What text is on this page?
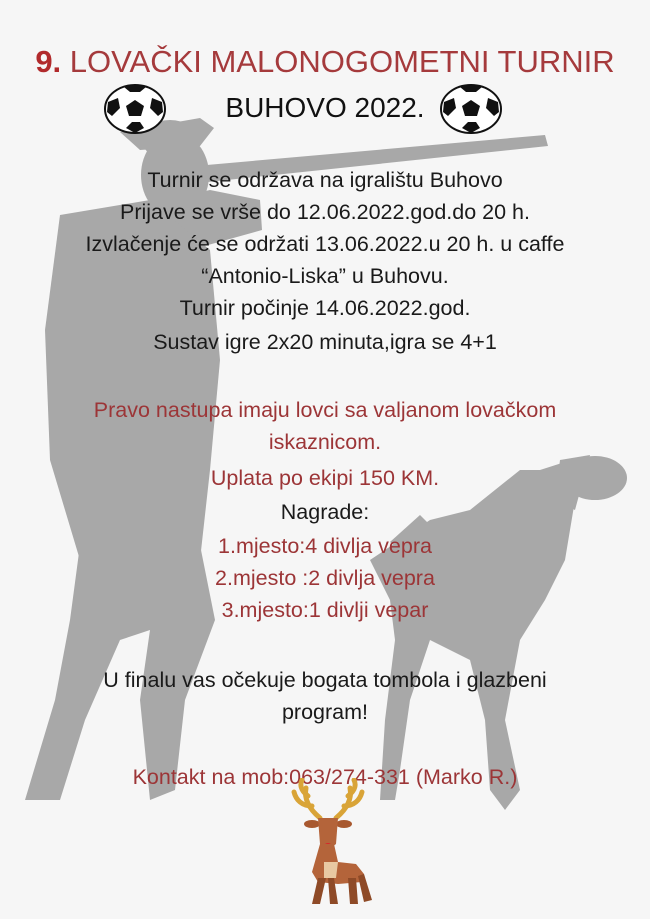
9. LOVAČKI MALONOGOMETNI TURNIR
BUHOVO 2022.
Turnir se održava na igralištu Buhovo
Prijave se vrše do 12.06.2022.god.do 20 h.
Izvlačenje će se održati 13.06.2022.u 20 h. u caffe
“Antonio-Liska” u Buhovu.
Turnir počinje 14.06.2022.god.
Sustav igre 2x20 minuta,igra se 4+1
Pravo nastupa imaju lovci sa valjanom lovačkom
iskaznicom.
Uplata po ekipi 150 KM.
Nagrade:
1.mjesto:4 divlja vepra
2.mjesto :2 divlja vepra
3.mjesto:1 divlji vepar
U finalu vas očekuje bogata tombola i glazbeni
program!
Kontakt na mob:063/274-331 (Marko R.)
